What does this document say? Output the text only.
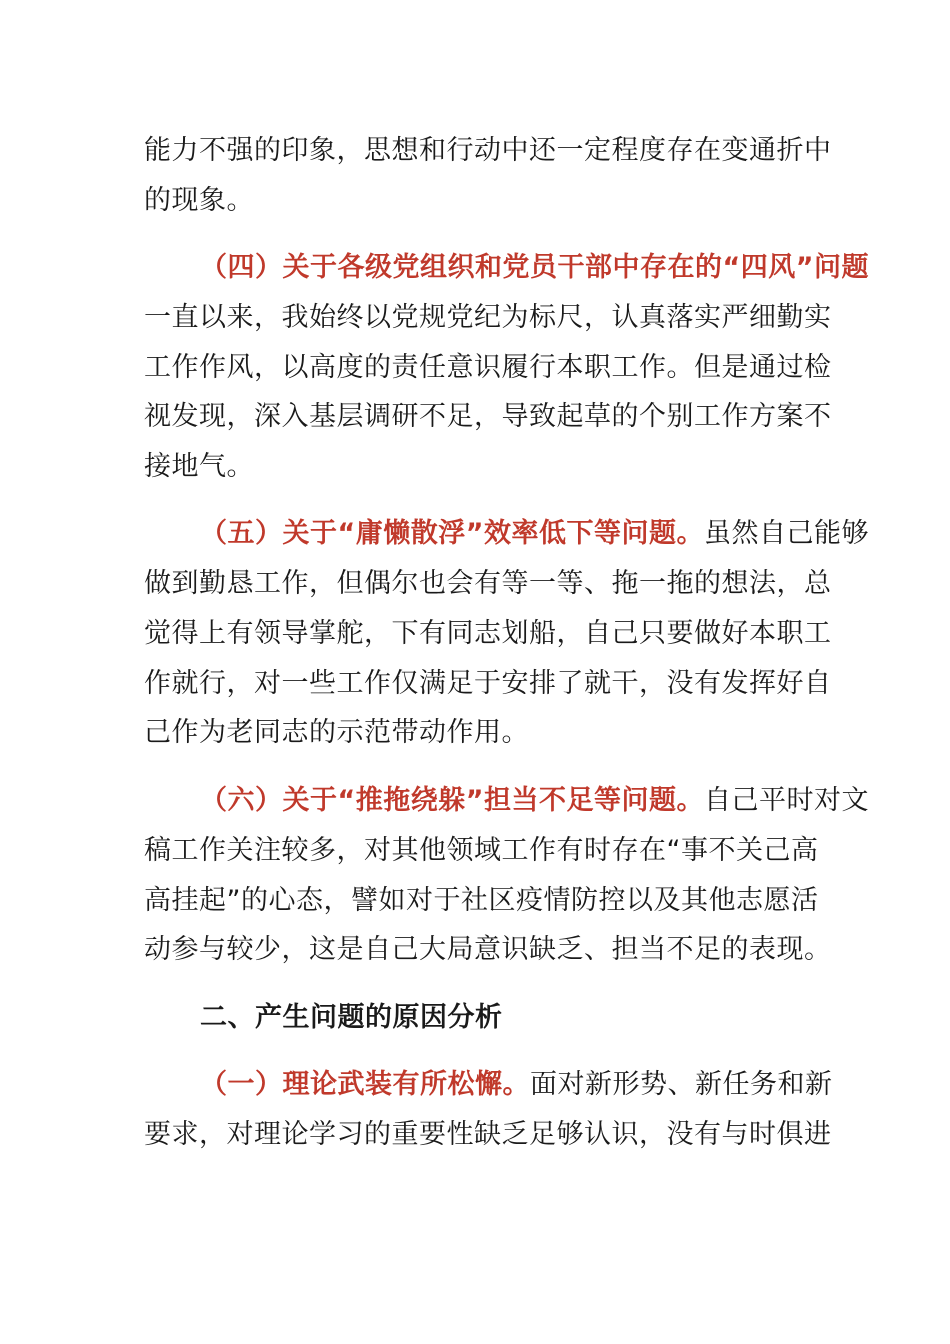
能力不强的印象，思想和行动中还一定程度存在变通折中
的现象。
（四）关于各级党组织和党员干部中存在的“四风”问题
一直以来，我始终以党规党纪为标尺，认真落实严细勤实
工作作风，以高度的责任意识履行本职工作。但是通过检
视发现，深入基层调研不足，导致起草的个别工作方案不
接地气。
（五）关于“庸懒散浮”效率低下等问题。虽然自己能够
做到勤恳工作，但偶尔也会有等一等、拖一拖的想法，总
觉得上有领导掌舵，下有同志划船，自己只要做好本职工
作就行，对一些工作仅满足于安排了就干，没有发挥好自
己作为老同志的示范带动作用。
（六）关于“推拖绕躲”担当不足等问题。自己平时对文
稿工作关注较多，对其他领域工作有时存在“事不关己高
高挂起”的心态，譬如对于社区疫情防控以及其他志愿活
动参与较少，这是自己大局意识缺乏、担当不足的表现。
二、产生问题的原因分析
（一）理论武装有所松懈。面对新形势、新任务和新
要求，对理论学习的重要性缺乏足够认识，没有与时俱进
